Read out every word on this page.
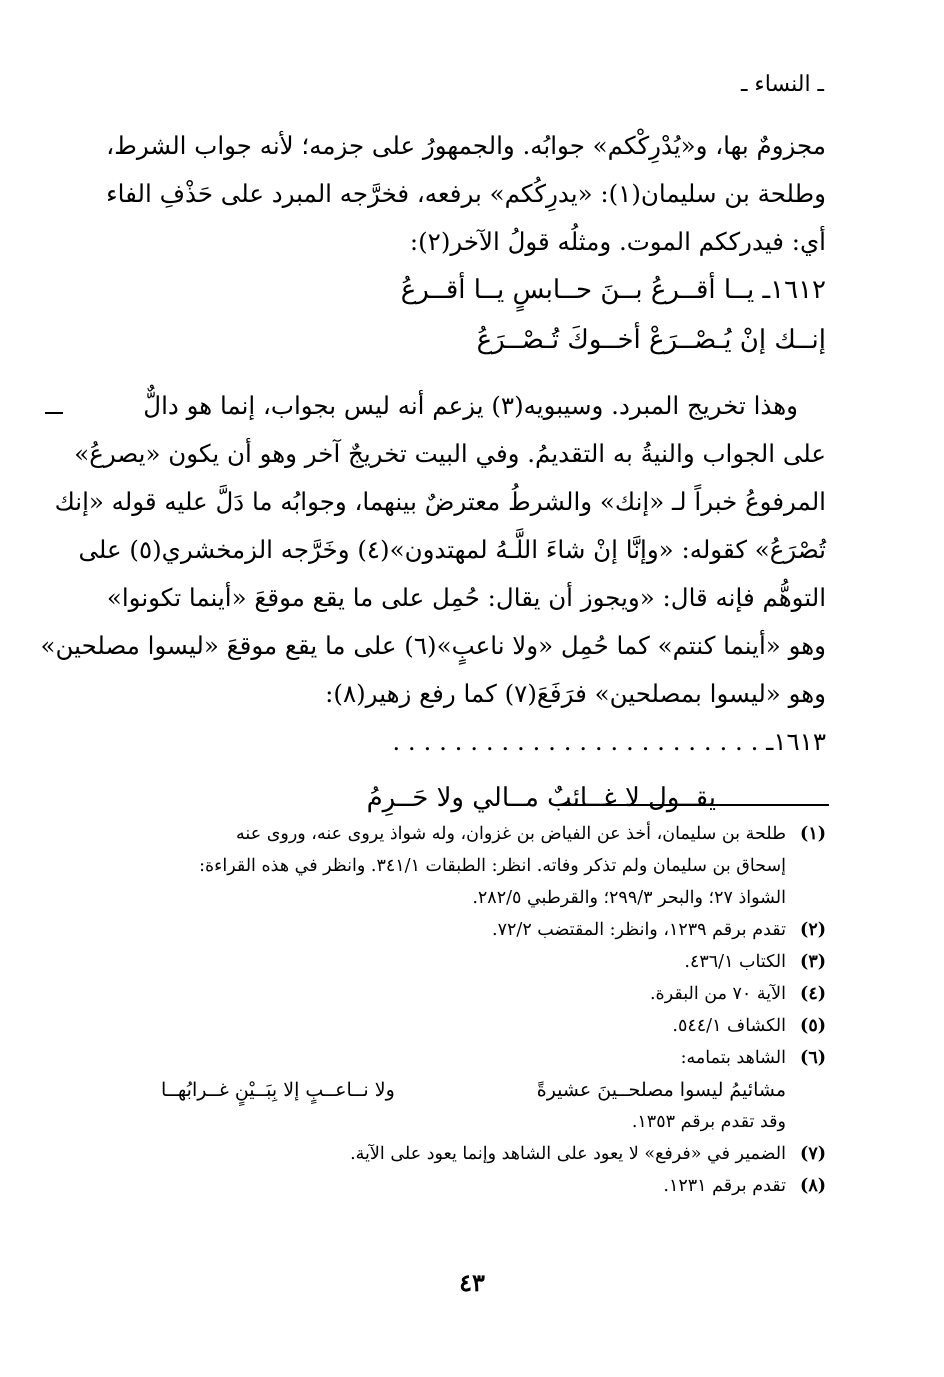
ـ النساء ـ
مجزومٌ بها، و«يُدْرِكْكم» جوابُه. والجمهورُ على جزمه؛ لأنه جواب الشرط،
وطلحة بن سليمان(١): «يدرِكُكم» برفعه، فخرَّجه المبرد على حَذْفِ الفاء
أي: فيدرككم الموت. ومثلُه قولُ الآخر(٢):
١٦١٢ـ يــا أقــرعُ بــنَ حــابسٍ يــا أقــرعُ
إنــك إنْ يُـصْــرَعْ أخــوكَ تُـصْــرَعُ
وهذا تخريج المبرد. وسيبويه(٣) يزعم أنه ليس بجواب، إنما هو دالٌّ
على الجواب والنيةُ به التقديمُ. وفي البيت تخريجٌ آخر وهو أن يكون «يصرعُ»
المرفوعُ خبراً لـ «إنك» والشرطُ معترضٌ بينهما، وجوابُه ما دَلَّ عليه قوله «إنك
تُصْرَعُ» كقوله: «وإنَّا إنْ شاءَ اللَّـهُ لمهتدون»(٤) وخَرَّجه الزمخشري(٥) على
التوهُّم فإنه قال: «ويجوز أن يقال: حُمِل على ما يقع موقعَ «أينما تكونوا»
وهو «أينما كنتم» كما حُمِل «ولا ناعبٍ»(٦) على ما يقع موقعَ «ليسوا مصلحين»
وهو «ليسوا بمصلحين» فرَفَعَ(٧) كما رفع زهير(٨):
١٦١٣ـ . . . . . . . . . . . . . . . . . . . . . . . .
يقــول لا غــائبٌ مــالي ولا حَــرِمُ
(١)
طلحة بن سليمان، أخذ عن الفياض بن غزوان، وله شواذ يروى عنه، وروى عنه
إسحاق بن سليمان ولم تذكر وفاته. انظر: الطبقات ٣٤١/١. وانظر في هذه القراءة:
الشواذ ٢٧؛ والبحر ٢٩٩/٣؛ والقرطبي ٢٨٢/٥.
(٢)
تقدم برقم ١٢٣٩، وانظر: المقتضب ٧٢/٢.
(٣)
الكتاب ٤٣٦/١.
(٤)
الآية ٧٠ من البقرة.
(٥)
الكشاف ٥٤٤/١.
(٦)
الشاهد بتمامه:
مشائيمُ ليسوا مصلحــينَ عشيرةً
ولا نــاعــبٍ إلا بِبَــيْنٍ غــرابُهــا
وقد تقدم برقم ١٣٥٣.
(٧)
الضمير في «فرفع» لا يعود على الشاهد وإنما يعود على الآية.
(٨)
تقدم برقم ١٢٣١.
٤٣
